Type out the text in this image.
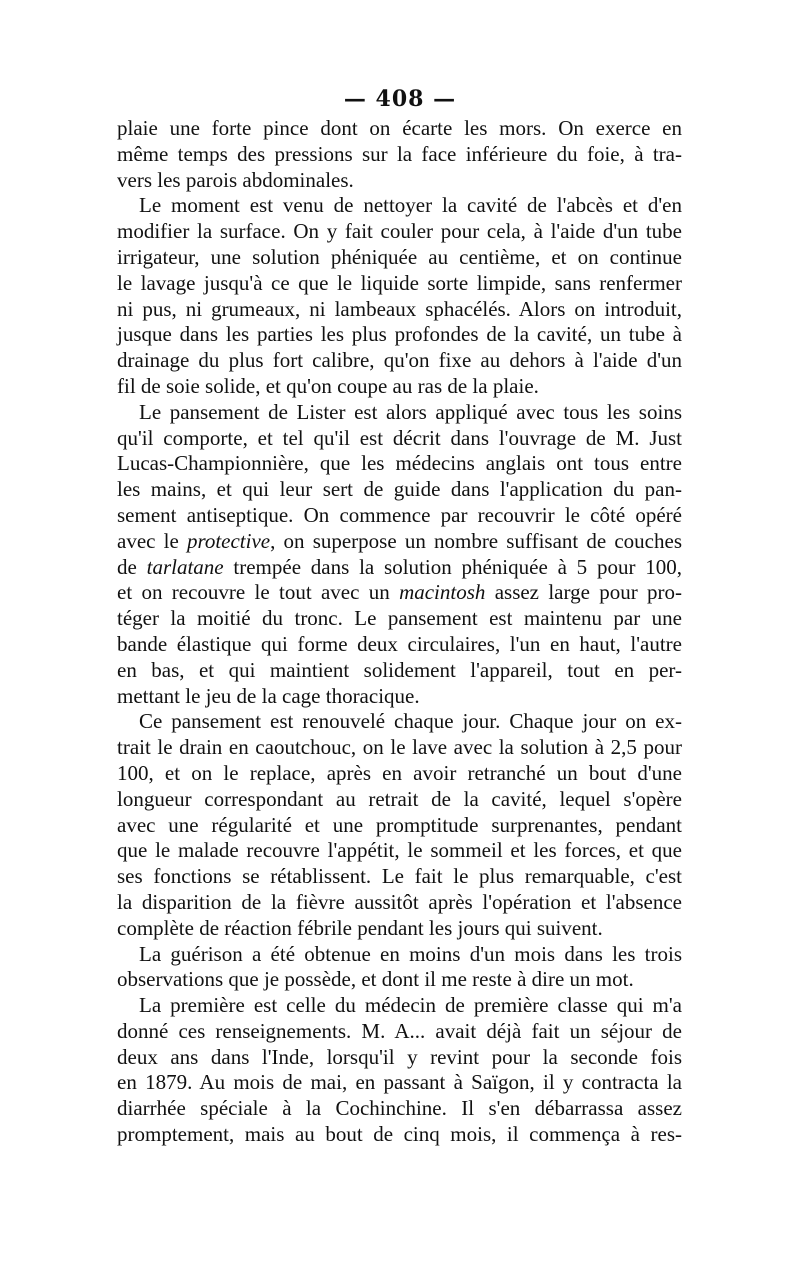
— 408 —
plaie une forte pince dont on écarte les mors. On exerce en
même temps des pressions sur la face inférieure du foie, à tra-
vers les parois abdominales.
Le moment est venu de nettoyer la cavité de l'abcès et d'en
modifier la surface. On y fait couler pour cela, à l'aide d'un tube
irrigateur, une solution phéniquée au centième, et on continue
le lavage jusqu'à ce que le liquide sorte limpide, sans renfermer
ni pus, ni grumeaux, ni lambeaux sphacélés. Alors on introduit,
jusque dans les parties les plus profondes de la cavité, un tube à
drainage du plus fort calibre, qu'on fixe au dehors à l'aide d'un
fil de soie solide, et qu'on coupe au ras de la plaie.
Le pansement de Lister est alors appliqué avec tous les soins
qu'il comporte, et tel qu'il est décrit dans l'ouvrage de M. Just
Lucas-Championnière, que les médecins anglais ont tous entre
les mains, et qui leur sert de guide dans l'application du pan-
sement antiseptique. On commence par recouvrir le côté opéré
avec le protective, on superpose un nombre suffisant de couches
de tarlatane trempée dans la solution phéniquée à 5 pour 100,
et on recouvre le tout avec un macintosh assez large pour pro-
téger la moitié du tronc. Le pansement est maintenu par une
bande élastique qui forme deux circulaires, l'un en haut, l'autre
en bas, et qui maintient solidement l'appareil, tout en per-
mettant le jeu de la cage thoracique.
Ce pansement est renouvelé chaque jour. Chaque jour on ex-
trait le drain en caoutchouc, on le lave avec la solution à 2,5 pour
100, et on le replace, après en avoir retranché un bout d'une
longueur correspondant au retrait de la cavité, lequel s'opère
avec une régularité et une promptitude surprenantes, pendant
que le malade recouvre l'appétit, le sommeil et les forces, et que
ses fonctions se rétablissent. Le fait le plus remarquable, c'est
la disparition de la fièvre aussitôt après l'opération et l'absence
complète de réaction fébrile pendant les jours qui suivent.
La guérison a été obtenue en moins d'un mois dans les trois
observations que je possède, et dont il me reste à dire un mot.
La première est celle du médecin de première classe qui m'a
donné ces renseignements. M. A... avait déjà fait un séjour de
deux ans dans l'Inde, lorsqu'il y revint pour la seconde fois
en 1879. Au mois de mai, en passant à Saïgon, il y contracta la
diarrhée spéciale à la Cochinchine. Il s'en débarrassa assez
promptement, mais au bout de cinq mois, il commença à res-
